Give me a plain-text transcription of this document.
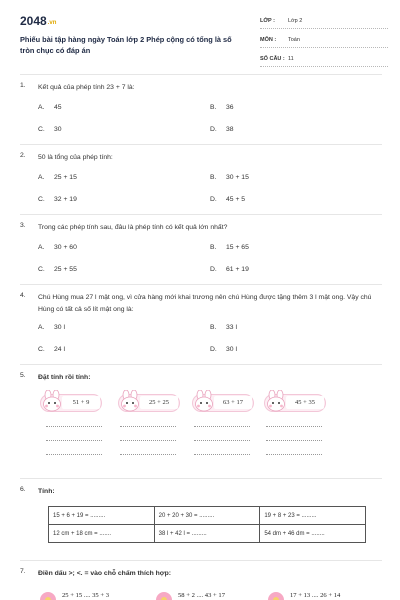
2048.vn
Phiếu bài tập hàng ngày Toán lớp 2 Phép cộng có tổng là số tròn chục có đáp án
LỚP : Lớp 2
MÔN : Toán
SỐ CÂU : 11
1. Kết quả của phép tính 23 + 7 là:
A. 45	B. 36
C. 30	D. 38
2. 50 là tổng của phép tính:
A. 25 + 15	B. 30 + 15
C. 32 + 19	D. 45 + 5
3. Trong các phép tính sau, đâu là phép tính có kết quả lớn nhất?
A. 30 + 60	B. 15 + 65
C. 25 + 55	D. 61 + 19
4. Chú Hùng mua 27 l mật ong, vì cửa hàng mới khai trương nên chú Hùng được tặng thêm 3 l mật ong. Vậy chú Hùng có tất cả số lít mật ong là:
A. 30 l	B. 33 l
C. 24 l	D. 30 l
5. Đặt tính rồi tính:
51 + 9	25 + 25	63 + 17	45 + 35
6. Tính:
15 + 6 + 19 = .........	20 + 20 + 30 = .........	19 + 8 + 23 = .........
12 cm + 18 cm = .......	38 l + 42 l = .........	54 dm + 46 dm = ........
7. Điền dấu >; <. = vào chỗ chấm thích hợp:
25 + 15 .... 35 + 3	58 + 2 .... 43 + 17	17 + 13 .... 26 + 14
